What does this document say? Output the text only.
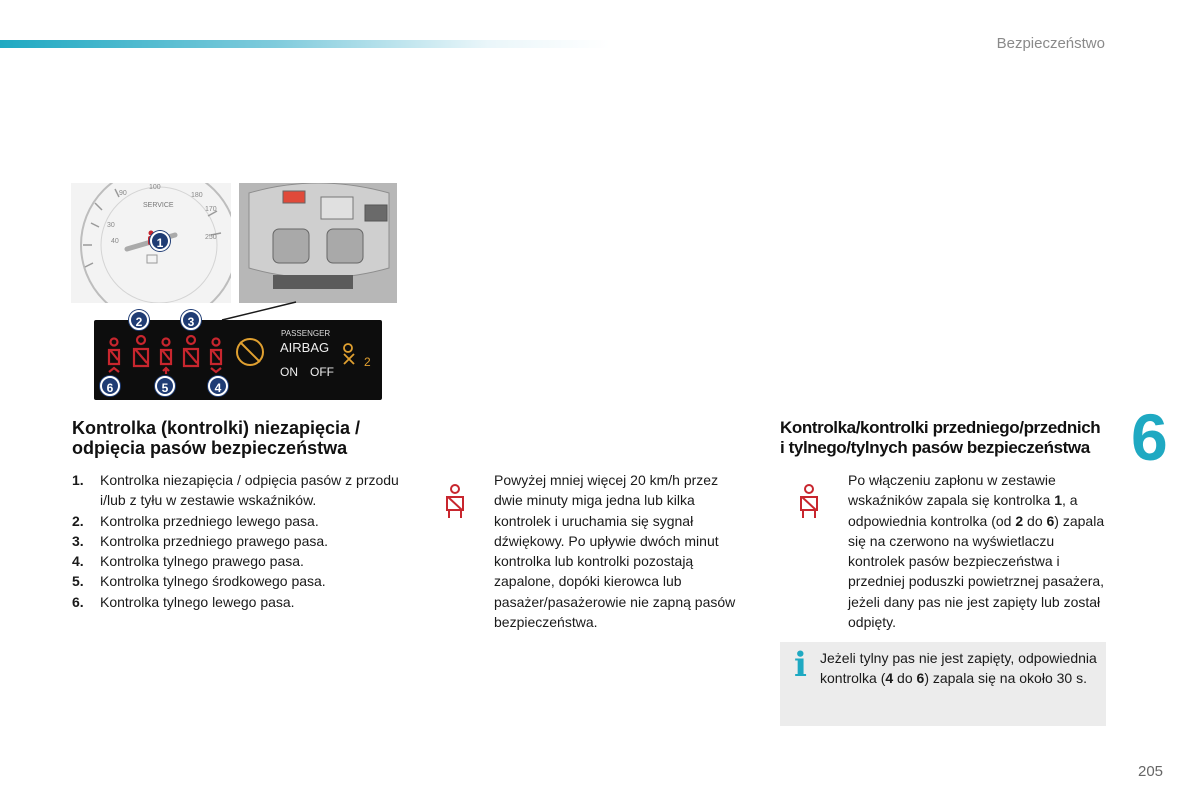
Bezpieczeństwo
6
205
SERVICE
180
170
100
90
30
40
250
1
PASSENGER
AIRBAG
ON OFF
2
2	3
6	5	4
Kontrolka (kontrolki) niezapięcia /
odpięcia pasów bezpieczeństwa
1. Kontrolka niezapięcia / odpięcia pasów z przodu i/lub z tyłu w zestawie wskaźników.
2. Kontrolka przedniego lewego pasa.
3. Kontrolka przedniego prawego pasa.
4. Kontrolka tylnego prawego pasa.
5. Kontrolka tylnego środkowego pasa.
6. Kontrolka tylnego lewego pasa.

Powyżej mniej więcej 20 km/h przez dwie minuty miga jedna lub kilka kontrolek i uruchamia się sygnał dźwiękowy. Po upływie dwóch minut kontrolka lub kontrolki pozostają zapalone, dopóki kierowca lub pasażer/pasażerowie nie zapną pasów bezpieczeństwa.

Kontrolka/kontrolki przedniego/przednich
i tylnego/tylnych pasów bezpieczeństwa

Po włączeniu zapłonu w zestawie wskaźników zapala się kontrolka 1, a odpowiednia kontrolka (od 2 do 6) zapala się na czerwono na wyświetlaczu kontrolek pasów bezpieczeństwa i przedniej poduszki powietrznej pasażera, jeżeli dany pas nie jest zapięty lub został odpięty.

i Jeżeli tylny pas nie jest zapięty, odpowiednia kontrolka (4 do 6) zapala się na około 30 s.
